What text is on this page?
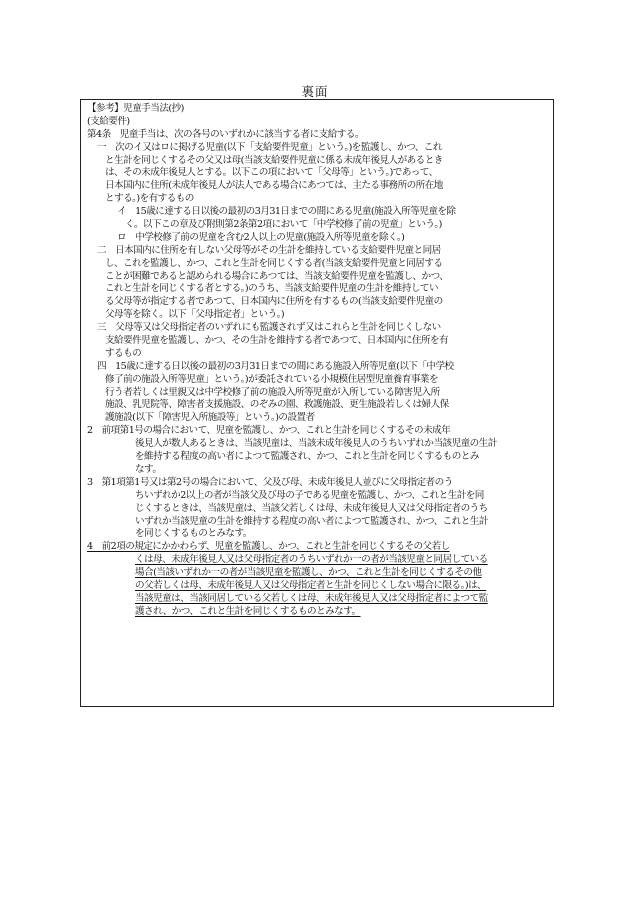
裏面
【参考】児童手当法(抄)
(支給要件)
第4条　児童手当は、次の各号のいずれかに該当する者に支給する。
一　次のイ又はロに掲げる児童(以下「支給要件児童」という。)を監護し、かつ、これ
と生計を同じくするその父又は母(当該支給要件児童に係る未成年後見人があるとき
は、その未成年後見人とする。以下この項において「父母等」という。)であって、
日本国内に住所(未成年後見人が法人である場合にあつては、主たる事務所の所在地
とする。)を有するもの
イ　15歳に達する日以後の最初の3月31日までの間にある児童(施設入所等児童を除
く。以下この章及び附則第2条第2項において「中学校修了前の児童」という。)
ロ　中学校修了前の児童を含む2人以上の児童(施設入所等児童を除く。)
二　日本国内に住所を有しない父母等がその生計を維持している支給要件児童と同居
し、これを監護し、かつ、これと生計を同じくする者(当該支給要件児童と同居する
ことが困難であると認められる場合にあつては、当該支給要件児童を監護し、かつ、
これと生計を同じくする者とする。)のうち、当該支給要件児童の生計を維持してい
る父母等が指定する者であつて、日本国内に住所を有するもの(当該支給要件児童の
父母等を除く。以下「父母指定者」という。)
三　父母等又は父母指定者のいずれにも監護されず又はこれらと生計を同じくしない
支給要件児童を監護し、かつ、その生計を維持する者であつて、日本国内に住所を有
するもの
四　15歳に達する日以後の最初の3月31日までの間にある施設入所等児童(以下「中学校
修了前の施設入所等児童」という。)が委託されている小規模住居型児童養育事業を
行う者若しくは里親又は中学校修了前の施設入所等児童が入所している障害児入所
施設、乳児院等、障害者支援施設、のぞみの園、救護施設、更生施設若しくは婦人保
護施設(以下「障害児入所施設等」という。)の設置者
2　前項第1号の場合において、児童を監護し、かつ、これと生計を同じくするその未成年
後見人が数人あるときは、当該児童は、当該未成年後見人のうちいずれか当該児童の生計
を維持する程度の高い者によつて監護され、かつ、これと生計を同じくするものとみ
なす。
3　第1項第1号又は第2号の場合において、父及び母、未成年後見人並びに父母指定者のう
ちいずれか2以上の者が当該父及び母の子である児童を監護し、かつ、これと生計を同
じくするときは、当該児童は、当該父若しくは母、未成年後見人又は父母指定者のうち
いずれか当該児童の生計を維持する程度の高い者によつて監護され、かつ、これと生計
を同じくするものとみなす。
4　前2項の規定にかかわらず、児童を監護し、かつ、これと生計を同じくするその父若し
くは母、未成年後見人又は父母指定者のうちいずれか一の者が当該児童と同居している
場合(当該いずれか一の者が当該児童を監護し、かつ、これと生計を同じくするその他
の父若しくは母、未成年後見人又は父母指定者と生計を同じくしない場合に限る。)は、
当該児童は、当該同居している父若しくは母、未成年後見人又は父母指定者によつて監
護され、かつ、これと生計を同じくするものとみなす。
